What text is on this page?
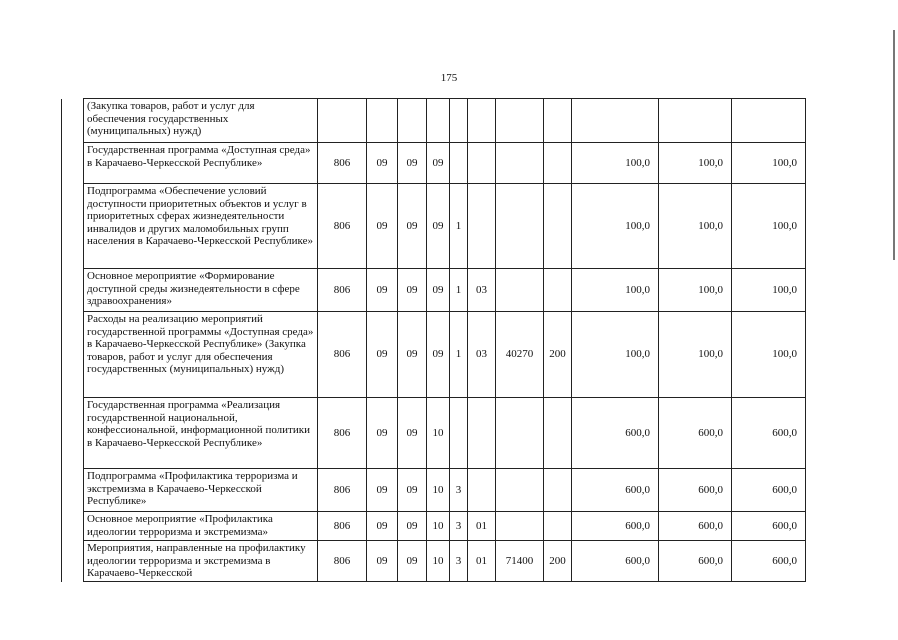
175
	(Закупка товаров, работ и услуг для обеспечения государственных (муниципальных) нужд)											
	Государственная программа «Доступная среда» в Карачаево-Черкесской Республике»	806	09	09	09					100,0	100,0	100,0
	Подпрограмма «Обеспечение условий доступности приоритетных объектов и услуг в приоритетных сферах жизнедеятельности инвалидов и других маломобильных групп населения в Карачаево-Черкесской Республике»	806	09	09	09	1				100,0	100,0	100,0
	Основное мероприятие «Формирование доступной среды жизнедеятельности в сфере здравоохранения»	806	09	09	09	1	03			100,0	100,0	100,0
	Расходы на реализацию мероприятий государственной программы «Доступная среда» в Карачаево-Черкесской Республике» (Закупка товаров, работ и услуг для обеспечения государственных (муниципальных) нужд)	806	09	09	09	1	03	40270	200	100,0	100,0	100,0
	Государственная программа «Реализация государственной национальной, конфессиональной, информационной политики в Карачаево-Черкесской Республике»	806	09	09	10					600,0	600,0	600,0
	Подпрограмма «Профилактика терроризма и экстремизма в Карачаево-Черкесской Республике»	806	09	09	10	3				600,0	600,0	600,0
	Основное мероприятие «Профилактика идеологии терроризма и экстремизма»	806	09	09	10	3	01			600,0	600,0	600,0
	Мероприятия, направленные на профилактику идеологии терроризма и экстремизма в Карачаево-Черкесской	806	09	09	10	3	01	71400	200	600,0	600,0	600,0
